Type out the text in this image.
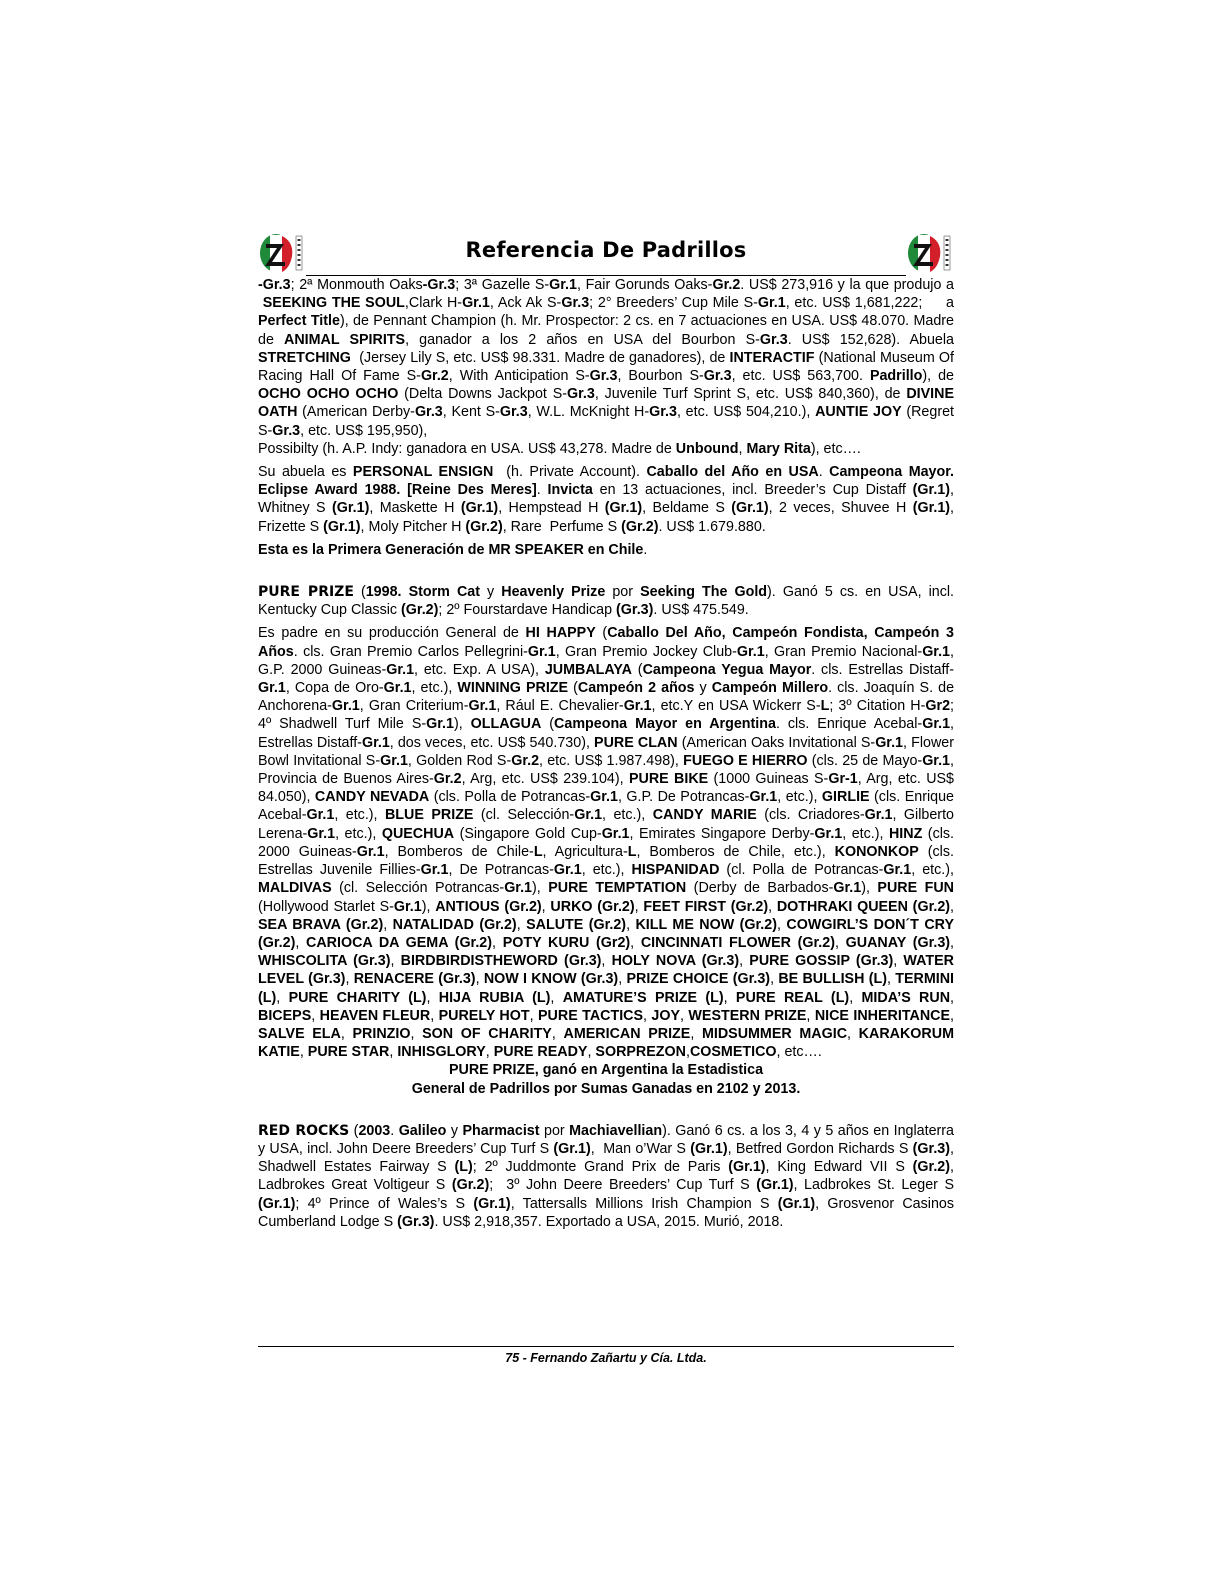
Referencia De Padrillos

-Gr.3; 2ª Monmouth Oaks-Gr.3; 3ª Gazelle S-Gr.1, Fair Gorunds Oaks-Gr.2. US$ 273,916 y la que produjo a  SEEKING THE SOUL,Clark H-Gr.1, Ack Ak S-Gr.3; 2° Breeders’ Cup Mile S-Gr.1, etc. US$ 1,681,222;     a Perfect Title), de Pennant Champion (h. Mr. Prospector: 2 cs. en 7 actuaciones en USA. US$ 48.070. Madre de ANIMAL SPIRITS, ganador a los 2 años en USA del Bourbon S-Gr.3. US$ 152,628). Abuela STRETCHING  (Jersey Lily S, etc. US$ 98.331. Madre de ganadores), de INTERACTIF (National Museum Of Racing Hall Of Fame S-Gr.2, With Anticipation S-Gr.3, Bourbon S-Gr.3, etc. US$ 563,700. Padrillo), de OCHO OCHO OCHO (Delta Downs Jackpot S-Gr.3, Juvenile Turf Sprint S, etc. US$ 840,360), de DIVINE OATH (American Derby-Gr.3, Kent S-Gr.3, W.L. McKnight H-Gr.3, etc. US$ 504,210.), AUNTIE JOY (Regret S-Gr.3, etc. US$ 195,950),

Possibilty (h. A.P. Indy: ganadora en USA. US$ 43,278. Madre de Unbound, Mary Rita), etc….

Su abuela es PERSONAL ENSIGN  (h. Private Account). Caballo del Año en USA. Campeona Mayor. Eclipse Award 1988. [Reine Des Meres]. Invicta en 13 actuaciones, incl. Breeder’s Cup Distaff (Gr.1), Whitney S (Gr.1), Maskette H (Gr.1), Hempstead H (Gr.1), Beldame S (Gr.1), 2 veces, Shuvee H (Gr.1), Frizette S (Gr.1), Moly Pitcher H (Gr.2), Rare  Perfume S (Gr.2). US$ 1.679.880.

Esta es la Primera Generación de MR SPEAKER en Chile.

PURE PRIZE (1998. Storm Cat y Heavenly Prize por Seeking The Gold). Ganó 5 cs. en USA, incl. Kentucky Cup Classic (Gr.2); 2º Fourstardave Handicap (Gr.3). US$ 475.549.

Es padre en su producción General de HI HAPPY (Caballo Del Año, Campeón Fondista, Campeón 3 Años. cls. Gran Premio Carlos Pellegrini-Gr.1, Gran Premio Jockey Club-Gr.1, Gran Premio Nacional-Gr.1, G.P. 2000 Guineas-Gr.1, etc. Exp. A USA), JUMBALAYA (Campeona Yegua Mayor. cls. Estrellas Distaff-Gr.1, Copa de Oro-Gr.1, etc.), WINNING PRIZE (Campeón 2 años y Campeón Millero. cls. Joaquín S. de Anchorena-Gr.1, Gran Criterium-Gr.1, Rául E. Chevalier-Gr.1, etc.Y en USA Wickerr S-L; 3º Citation H-Gr2; 4º Shadwell Turf Mile S-Gr.1), OLLAGUA (Campeona Mayor en Argentina. cls. Enrique Acebal-Gr.1, Estrellas Distaff-Gr.1, dos veces, etc. US$ 540.730), PURE CLAN (American Oaks Invitational S-Gr.1, Flower Bowl Invitational S-Gr.1, Golden Rod S-Gr.2, etc. US$ 1.987.498), FUEGO E HIERRO (cls. 25 de Mayo-Gr.1, Provincia de Buenos Aires-Gr.2, Arg, etc. US$ 239.104), PURE BIKE (1000 Guineas S-Gr-1, Arg, etc. US$ 84.050), CANDY NEVADA (cls. Polla de Potrancas-Gr.1, G.P. De Potrancas-Gr.1, etc.), GIRLIE (cls. Enrique Acebal-Gr.1, etc.), BLUE PRIZE (cl. Selección-Gr.1, etc.), CANDY MARIE (cls. Criadores-Gr.1, Gilberto Lerena-Gr.1, etc.), QUECHUA (Singapore Gold Cup-Gr.1, Emirates Singapore Derby-Gr.1, etc.), HINZ (cls. 2000 Guineas-Gr.1, Bomberos de Chile-L, Agricultura-L, Bomberos de Chile, etc.), KONONKOP (cls. Estrellas Juvenile Fillies-Gr.1, De Potrancas-Gr.1, etc.), HISPANIDAD (cl. Polla de Potrancas-Gr.1, etc.), MALDIVAS (cl. Selección Potrancas-Gr.1), PURE TEMPTATION (Derby de Barbados-Gr.1), PURE FUN (Hollywood Starlet S-Gr.1), ANTIOUS (Gr.2), URKO (Gr.2), FEET FIRST (Gr.2), DOTHRAKI QUEEN (Gr.2), SEA BRAVA (Gr.2), NATALIDAD (Gr.2), SALUTE (Gr.2), KILL ME NOW (Gr.2), COWGIRL’S DON´T CRY (Gr.2), CARIOCA DA GEMA (Gr.2), POTY KURU (Gr2), CINCINNATI FLOWER (Gr.2), GUANAY (Gr.3), WHISCOLITA (Gr.3), BIRDBIRDISTHEWORD (Gr.3), HOLY NOVA (Gr.3), PURE GOSSIP (Gr.3), WATER LEVEL (Gr.3), RENACERE (Gr.3), NOW I KNOW (Gr.3), PRIZE CHOICE (Gr.3), BE BULLISH (L), TERMINI (L), PURE CHARITY (L), HIJA RUBIA (L), AMATURE’S PRIZE (L), PURE REAL (L), MIDA’S RUN, BICEPS, HEAVEN FLEUR, PURELY HOT, PURE TACTICS, JOY, WESTERN PRIZE, NICE INHERITANCE, SALVE ELA, PRINZIO, SON OF CHARITY, AMERICAN PRIZE, MIDSUMMER MAGIC, KARAKORUM KATIE, PURE STAR, INHISGLORY, PURE READY, SORPREZON,COSMETICO, etc….

PURE PRIZE, ganó en Argentina la Estadistica
General de Padrillos por Sumas Ganadas en 2102 y 2013.

RED ROCKS (2003. Galileo y Pharmacist por Machiavellian). Ganó 6 cs. a los 3, 4 y 5 años en Inglaterra y USA, incl. John Deere Breeders’ Cup Turf S (Gr.1),  Man o’War S (Gr.1), Betfred Gordon Richards S (Gr.3), Shadwell Estates Fairway S (L); 2º Juddmonte Grand Prix de Paris (Gr.1), King Edward VII S (Gr.2), Ladbrokes Great Voltigeur S (Gr.2);  3º John Deere Breeders’ Cup Turf S (Gr.1), Ladbrokes St. Leger S (Gr.1); 4º Prince of Wales’s S (Gr.1), Tattersalls Millions Irish Champion S (Gr.1), Grosvenor Casinos Cumberland Lodge S (Gr.3). US$ 2,918,357. Exportado a USA, 2015. Murió, 2018.

75 - Fernando Zañartu y Cía. Ltda.
